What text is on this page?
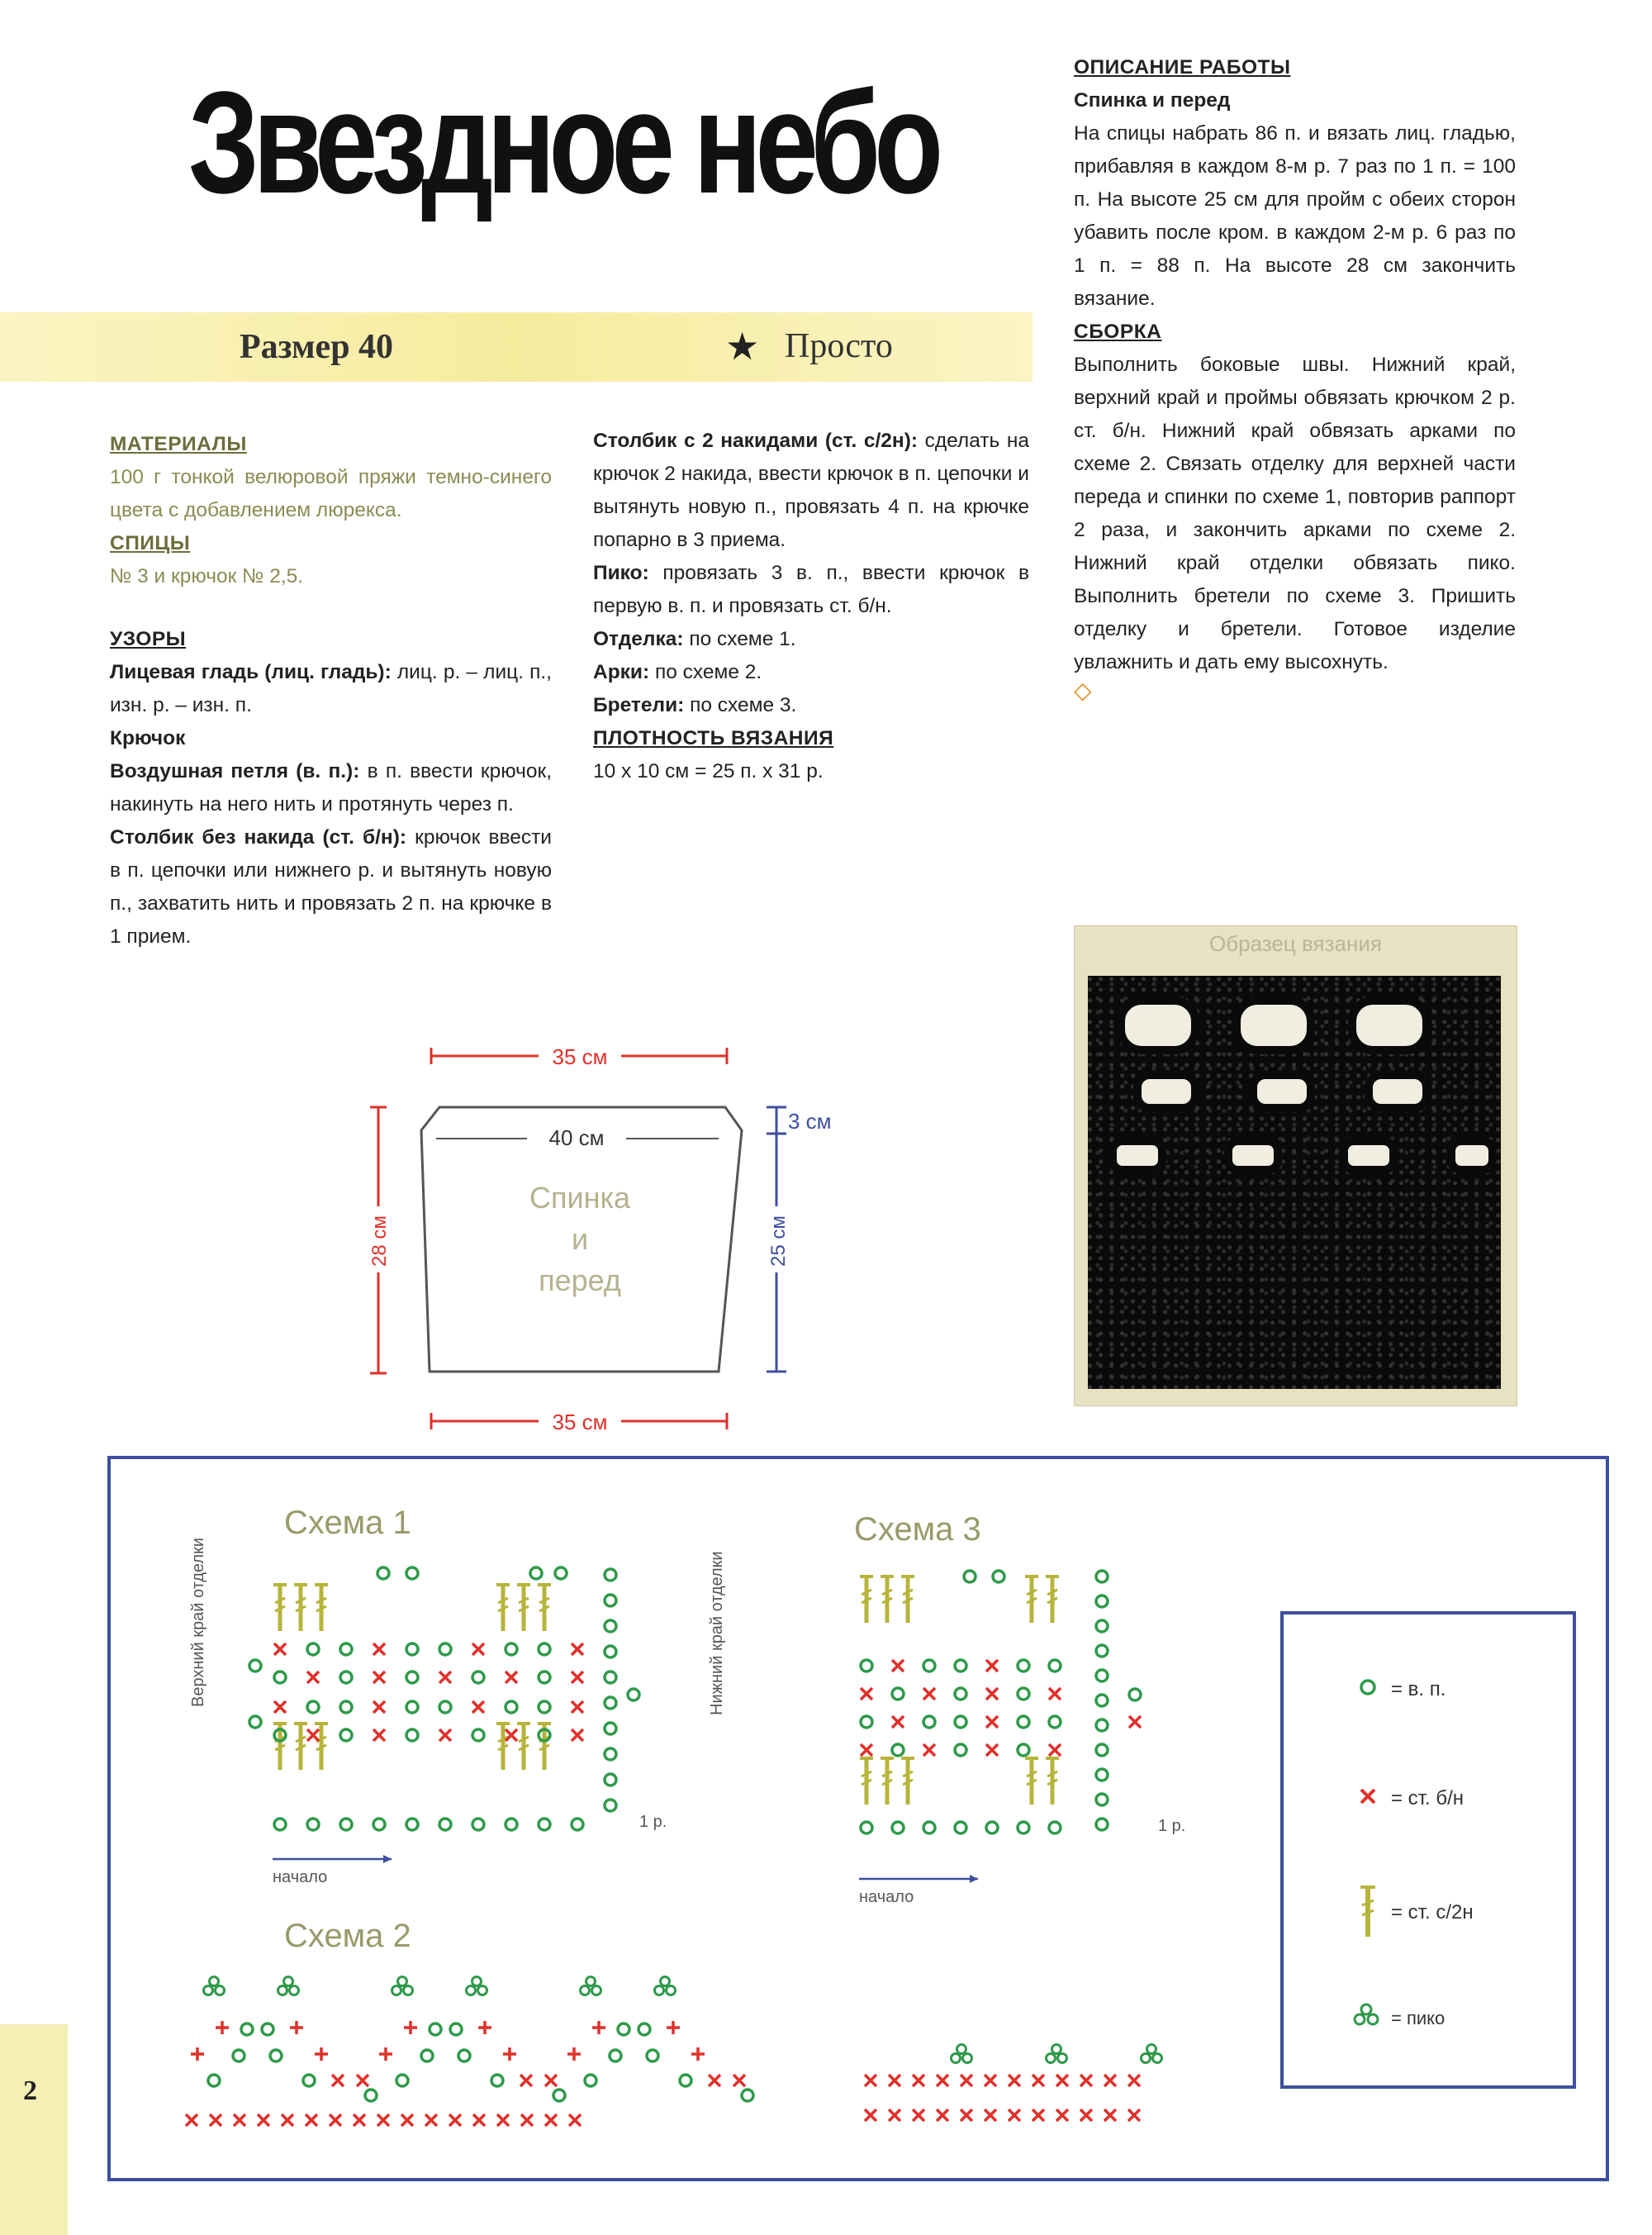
Звездное небо
Размер 40	★ Просто

МАТЕРИАЛЫ

100 г тонкой велюровой пряжи темно-синего цвета с добавлением люрекса.

СПИЦЫ

№ 3 и крючок № 2,5.

УЗОРЫ

Лицевая гладь (лиц. гладь): лиц. р. – лиц. п., изн. р. – изн. п.

Крючок

Воздушная петля (в. п.): в п. ввести крючок, накинуть на него нить и протянуть через п.

Столбик без накида (ст. б/н): крючок ввести в п. цепочки или нижнего р. и вытянуть новую п., захватить нить и провязать 2 п. на крючке в 1 прием.

Столбик с 2 накидами (ст. с/2н): сделать на крючок 2 накида, ввести крючок в п. цепочки и вытянуть новую п., провязать 4 п. на крючке попарно в 3 приема.

Пико: провязать 3 в. п., ввести крючок в первую в. п. и провязать ст. б/н.

Отделка: по схеме 1.

Арки: по схеме 2.

Бретели: по схеме 3.

ПЛОТНОСТЬ ВЯЗАНИЯ

10 х 10 см = 25 п. х 31 р.

ОПИСАНИЕ РАБОТЫ

Спинка и перед

На спицы набрать 86 п. и вязать лиц. гладью, прибавляя в каждом 8-м р. 7 раз по 1 п. = 100 п. На высоте 25 см для пройм с обеих сторон убавить после кром. в каждом 2-м р. 6 раз по 1 п. = 88 п. На высоте 28 см закончить вязание.

СБОРКА

Выполнить боковые швы. Нижний край, верхний край и проймы обвязать крючком 2 р. ст. б/н. Нижний край обвязать арками по схеме 2. Связать отделку для верхней части переда и спинки по схеме 1, повторив раппорт 2 раза, и закончить арками по схеме 2. Нижний край отделки обвязать пико. Выполнить бретели по схеме 3. Пришить отделку и бретели. Готовое изделие увлажнить и дать ему высохнуть.

◇

35 см
40 см
Спинка
и
перед
28 см
3 см
25 см
35 см
Образец вязания
Схема 1	Схема 3
Схема 2
Верхний край отделки	Нижний край отделки
начало
начало
1 р.	1 р.
= в. п.
= ст. б/н
= ст. с/2н
= пико
2
